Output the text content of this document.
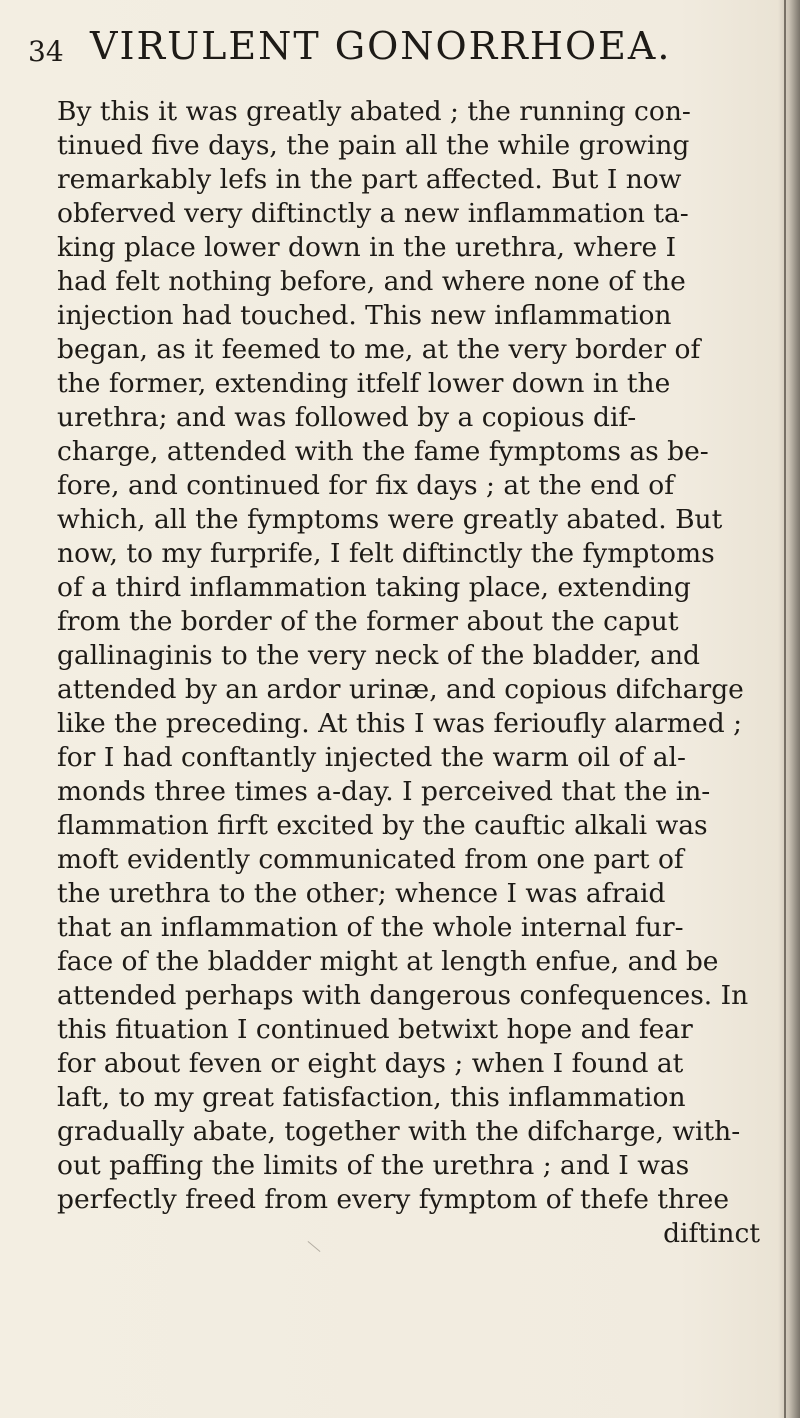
34 VIRULENT GONORRHOEA.
By this it was greatly abated ; the running con-
tinued five days, the pain all the while growing
remarkably lefs in the part affected. But I now
obferved very diftinctly a new inflammation ta-
king place lower down in the urethra, where I
had felt nothing before, and where none of the
injection had touched. This new inflammation
began, as it feemed to me, at the very border of
the former, extending itfelf lower down in the
urethra; and was followed by a copious dif-
charge, attended with the fame fymptoms as be-
fore, and continued for fix days ; at the end of
which, all the fymptoms were greatly abated. But
now, to my furprife, I felt diftinctly the fymptoms
of a third inflammation taking place, extending
from the border of the former about the caput
gallinaginis to the very neck of the bladder, and
attended by an ardor urinæ, and copious difcharge
like the preceding. At this I was ferioufly alarmed ;
for I had conftantly injected the warm oil of al-
monds three times a-day. I perceived that the in-
flammation firft excited by the cauftic alkali was
moft evidently communicated from one part of
the urethra to the other; whence I was afraid
that an inflammation of the whole internal fur-
face of the bladder might at length enfue, and be
attended perhaps with dangerous confequences. In
this fituation I continued betwixt hope and fear
for about feven or eight days ; when I found at
laft, to my great fatisfaction, this inflammation
gradually abate, together with the difcharge, with-
out paffing the limits of the urethra ; and I was
perfectly freed from every fymptom of thefe three
diftinct
